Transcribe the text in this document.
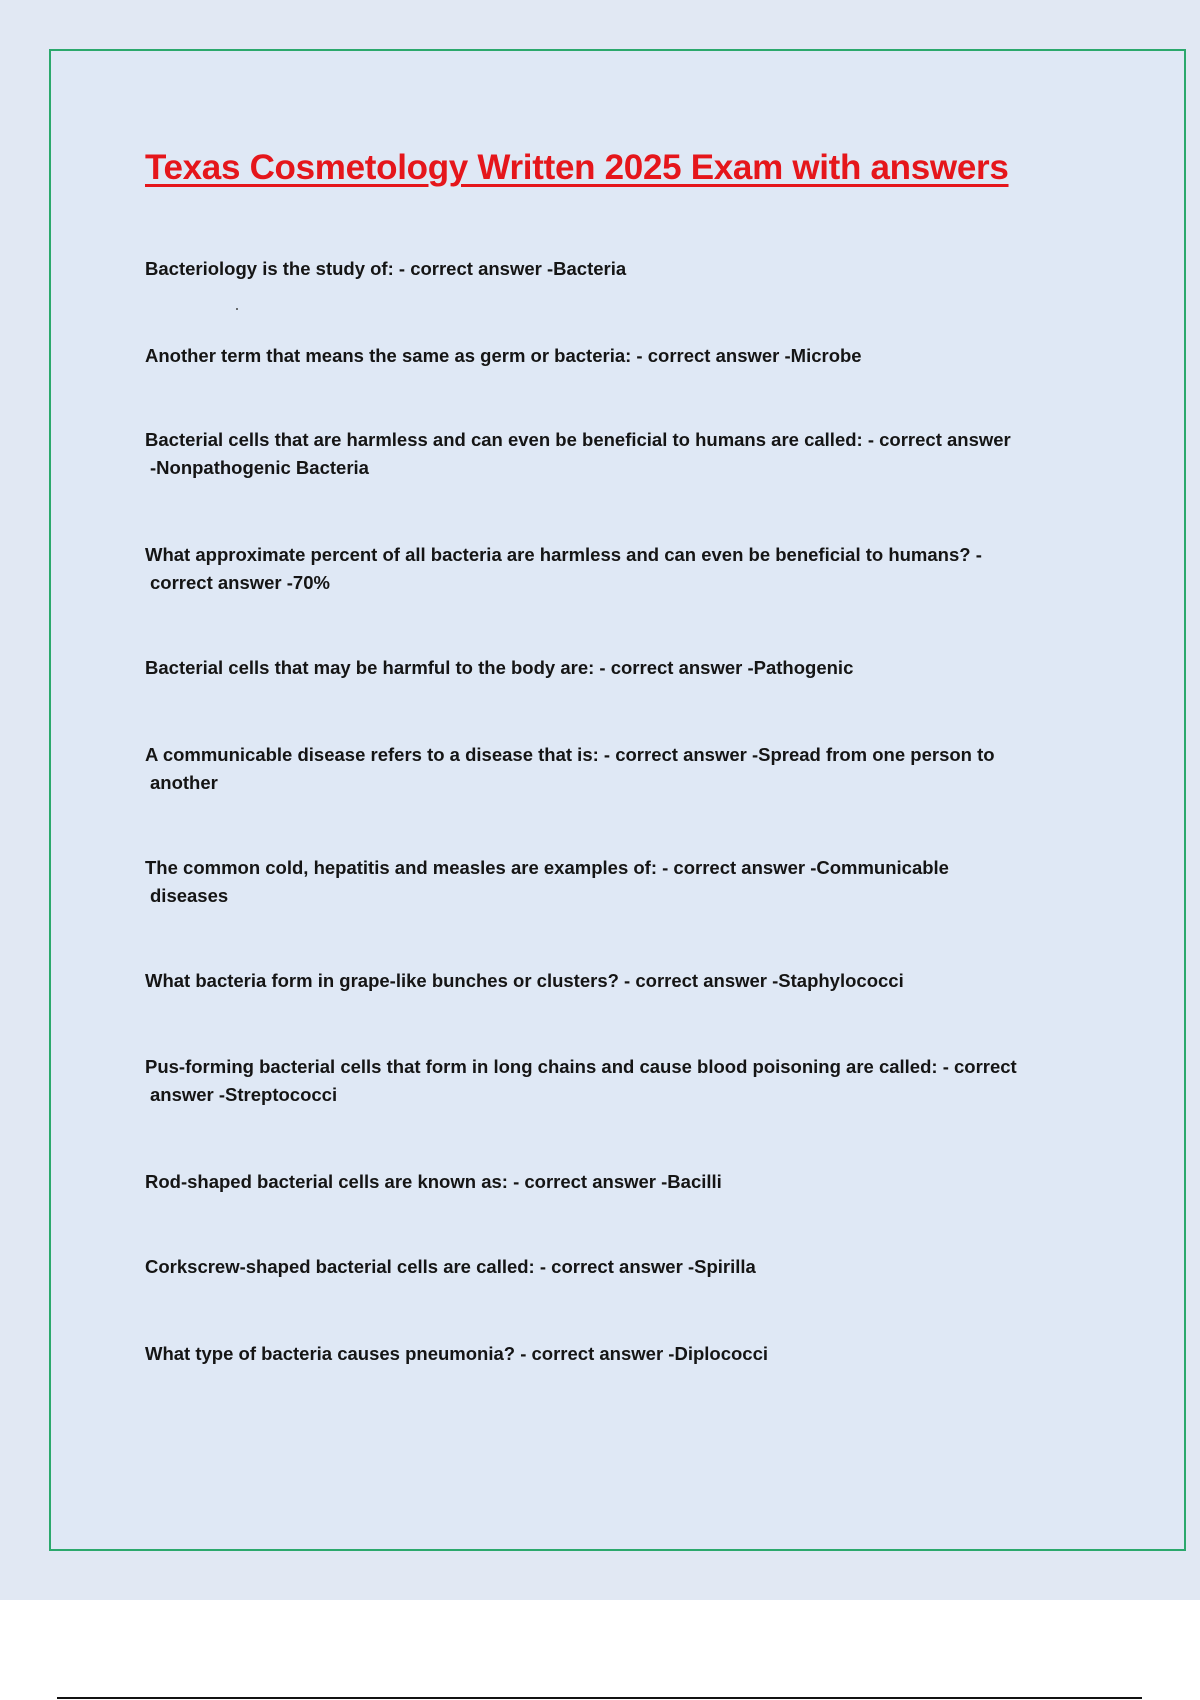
Texas Cosmetology Written 2025 Exam with answers

Bacteriology is the study of: - correct answer -Bacteria

Another term that means the same as germ or bacteria: - correct answer -Microbe

Bacterial cells that are harmless and can even be beneficial to humans are called: - correct answer
-Nonpathogenic Bacteria

What approximate percent of all bacteria are harmless and can even be beneficial to humans? -
correct answer -70%

Bacterial cells that may be harmful to the body are: - correct answer -Pathogenic

A communicable disease refers to a disease that is: - correct answer -Spread from one person to
another

The common cold, hepatitis and measles are examples of: - correct answer -Communicable
diseases

What bacteria form in grape-like bunches or clusters? - correct answer -Staphylococci

Pus-forming bacterial cells that form in long chains and cause blood poisoning are called: - correct
answer -Streptococci

Rod-shaped bacterial cells are known as: - correct answer -Bacilli

Corkscrew-shaped bacterial cells are called: - correct answer -Spirilla

What type of bacteria causes pneumonia? - correct answer -Diplococci
